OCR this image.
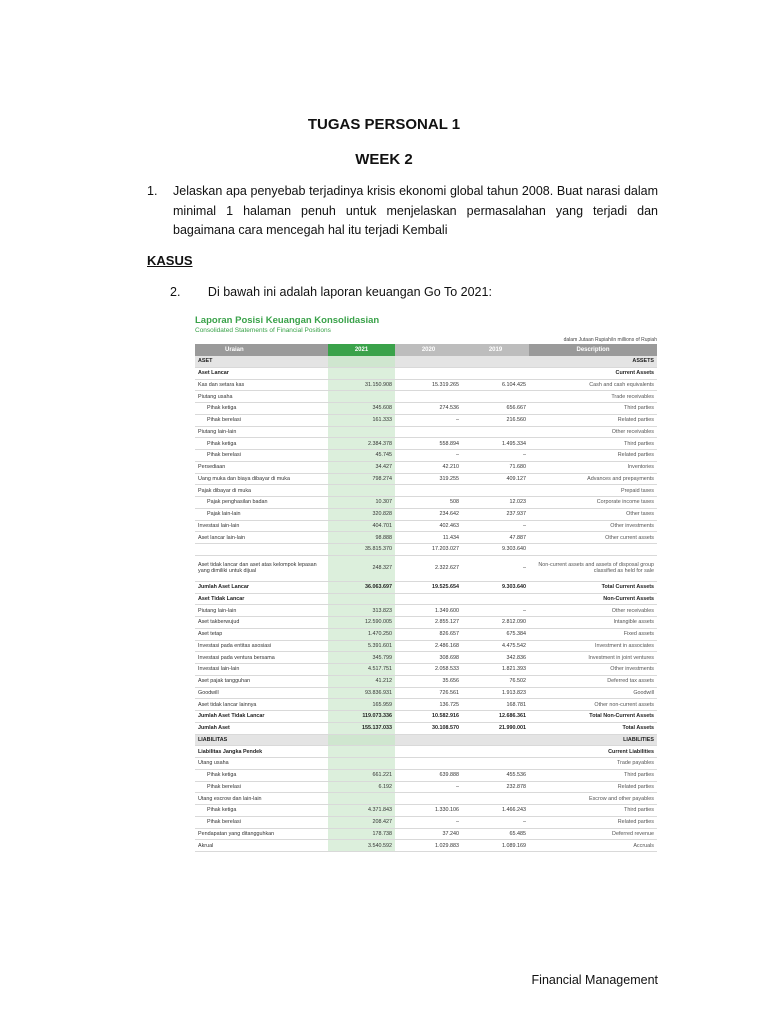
TUGAS PERSONAL 1
WEEK 2
1. Jelaskan apa penyebab terjadinya krisis ekonomi global tahun 2008. Buat narasi dalam minimal 1 halaman penuh untuk menjelaskan permasalahan yang terjadi dan bagaimana cara mencegah hal itu terjadi Kembali
KASUS
2. Di bawah ini adalah laporan keuangan Go To 2021:
Laporan Posisi Keuangan Konsolidasian
Consolidated Statements of Financial Positions
dalam Jutaan Rupiah/in millions of Rupiah
Uraian	2021	2020	2019	Description
ASET				ASSETS
Aset Lancar				Current Assets
Kas dan setara kas	31.150.908	15.319.265	6.104.425	Cash and cash equivalents
Piutang usaha				Trade receivables
Pihak ketiga	345.608	274.536	656.667	Third parties
Pihak berelasi	161.333	–	216.560	Related parties
Piutang lain-lain				Other receivables
Pihak ketiga	2.384.378	558.894	1.495.334	Third parties
Pihak berelasi	45.745	–	–	Related parties
Persediaan	34.427	42.210	71.680	Inventories
Uang muka dan biaya dibayar di muka	798.274	319.255	409.127	Advances and prepayments
Pajak dibayar di muka				Prepaid taxes
Pajak penghasilan badan	10.307	508	12.023	Corporate income taxes
Pajak lain-lain	320.828	234.642	237.937	Other taxes
Investasi lain-lain	404.701	402.463	–	Other investments
Aset lancar lain-lain	98.888	11.434	47.887	Other current assets
	35.815.370	17.203.027	9.303.640	
Aset tidak lancar dan aset atas kelompok lepasan yang dimiliki untuk dijual	248.327	2.322.627	–	Non-current assets and assets of disposal group classified as held for sale
Jumlah Aset Lancar	36.063.697	19.525.654	9.303.640	Total Current Assets
Aset Tidak Lancar				Non-Current Assets
Piutang lain-lain	313.823	1.349.600	–	Other receivables
Aset takberwujud	12.590.005	2.855.127	2.812.090	Intangible assets
Aset tetap	1.470.250	826.657	675.384	Fixed assets
Investasi pada entitas asosiasi	5.391.601	2.486.168	4.475.542	Investment in associates
Investasi pada ventura bersama	345.799	308.698	342.836	Investment in joint ventures
Investasi lain-lain	4.517.751	2.058.533	1.821.393	Other investments
Aset pajak tangguhan	41.212	35.656	76.502	Deferred tax assets
Goodwill	93.836.931	726.561	1.913.823	Goodwill
Aset tidak lancar lainnya	165.959	136.725	168.781	Other non-current assets
Jumlah Aset Tidak Lancar	119.073.336	10.582.916	12.686.361	Total Non-Current Assets
Jumlah Aset	155.137.033	30.108.570	21.990.001	Total Assets
LIABILITAS				LIABILITIES
Liabilitas Jangka Pendek				Current Liabilities
Utang usaha				Trade payables
Pihak ketiga	661.221	639.888	455.536	Third parties
Pihak berelasi	6.192	–	232.878	Related parties
Utang escrow dan lain-lain				Escrow and other payables
Pihak ketiga	4.371.843	1.330.106	1.466.243	Third parties
Pihak berelasi	208.427	–	–	Related parties
Pendapatan yang ditangguhkan	178.738	37.240	65.485	Deferred revenue
Akrual	3.540.592	1.029.883	1.089.169	Accruals
Financial Management
